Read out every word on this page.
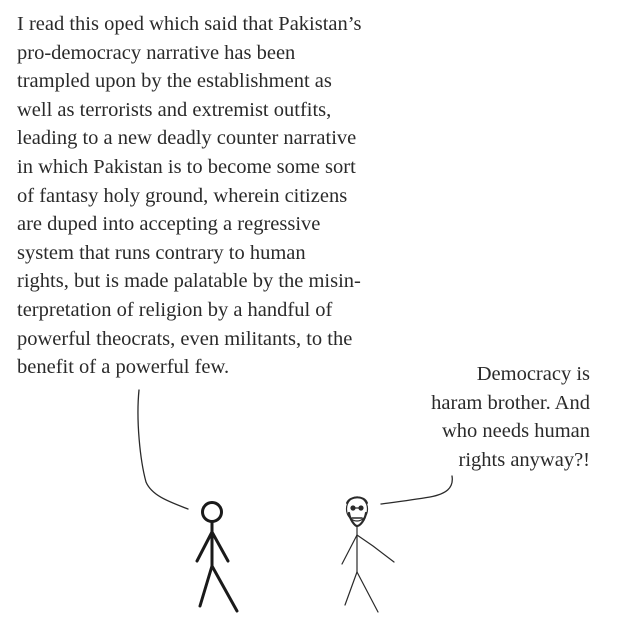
I read this oped which said that Pakistan’s
pro-democracy narrative has been
trampled upon by the establishment as
well as terrorists and extremist outfits,
leading to a new deadly counter narrative
in which Pakistan is to become some sort
of fantasy holy ground, wherein citizens
are duped into accepting a regressive
system that runs contrary to human
rights, but is made palatable by the misin-
terpretation of religion by a handful of
powerful theocrats, even militants, to the
benefit of a powerful few.	Democracy is
haram brother. And
who needs human
rights anyway?!
